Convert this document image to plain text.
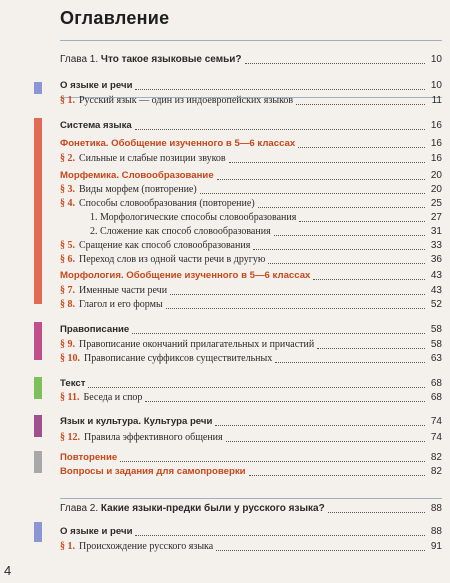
Оглавление
Глава 1. Что такое языковые семьи?	10
О языке и речи	10
§ 1. Русский язык — один из индоевропейских языков	11
Система языка	16
Фонетика. Обобщение изученного в 5—6 классах	16
§ 2. Сильные и слабые позиции звуков	16
Морфемика. Словообразование	20
§ 3. Виды морфем (повторение)	20
§ 4. Способы словообразования (повторение)	25
1. Морфологические способы словообразования	27
2. Сложение как способ словообразования	31
§ 5. Сращение как способ словообразования	33
§ 6. Переход слов из одной части речи в другую	36
Морфология. Обобщение изученного в 5—6 классах	43
§ 7. Именные части речи	43
§ 8. Глагол и его формы	52
Правописание	58
§ 9. Правописание окончаний прилагательных и причастий	58
§ 10. Правописание суффиксов существительных	63
Текст	68
§ 11. Беседа и спор	68
Язык и культура. Культура речи	74
§ 12. Правила эффективного общения	74
Повторение	82
Вопросы и задания для самопроверки	82
Глава 2. Какие языки-предки были у русского языка?	88
О языке и речи	88
§ 1. Происхождение русского языка	91
4
